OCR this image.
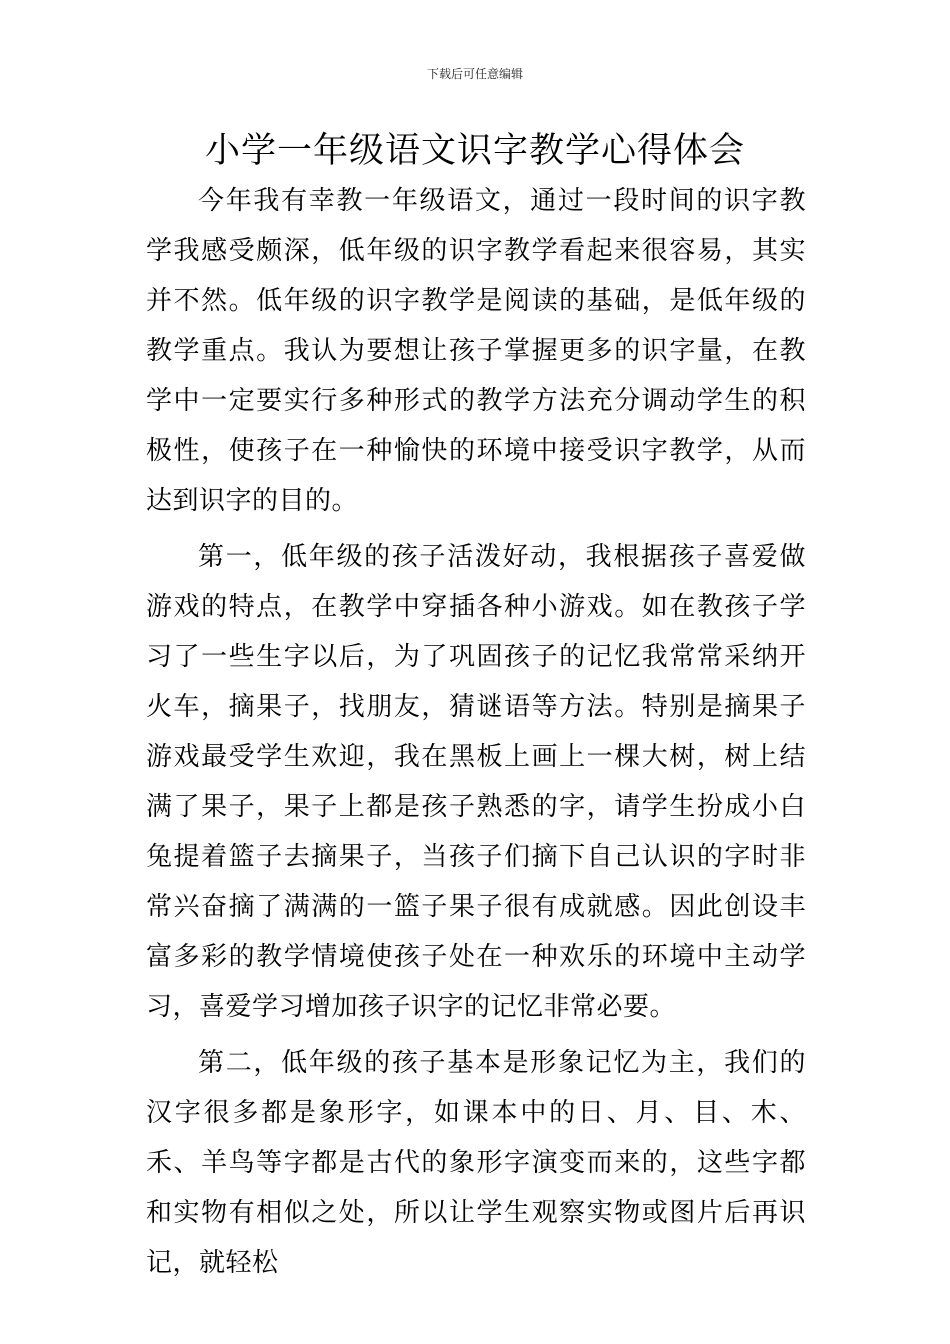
下载后可任意编辑
小学一年级语文识字教学心得体会

今年我有幸教一年级语文，通过一段时间的识字教学我感受颇深，低年级的识字教学看起来很容易，其实并不然。低年级的识字教学是阅读的基础，是低年级的教学重点。我认为要想让孩子掌握更多的识字量，在教学中一定要实行多种形式的教学方法充分调动学生的积极性，使孩子在一种愉快的环境中接受识字教学，从而达到识字的目的。

第一，低年级的孩子活泼好动，我根据孩子喜爱做游戏的特点，在教学中穿插各种小游戏。如在教孩子学习了一些生字以后，为了巩固孩子的记忆我常常采纳开火车，摘果子，找朋友，猜谜语等方法。特别是摘果子游戏最受学生欢迎，我在黑板上画上一棵大树，树上结满了果子，果子上都是孩子熟悉的字，请学生扮成小白兔提着篮子去摘果子，当孩子们摘下自己认识的字时非常兴奋摘了满满的一篮子果子很有成就感。因此创设丰富多彩的教学情境使孩子处在一种欢乐的环境中主动学习，喜爱学习增加孩子识字的记忆非常必要。

第二，低年级的孩子基本是形象记忆为主，我们的汉字很多都是象形字，如课本中的日、月、目、木、禾、羊鸟等字都是古代的象形字演变而来的，这些字都和实物有相似之处，所以让学生观察实物或图片后再识记，就轻松
